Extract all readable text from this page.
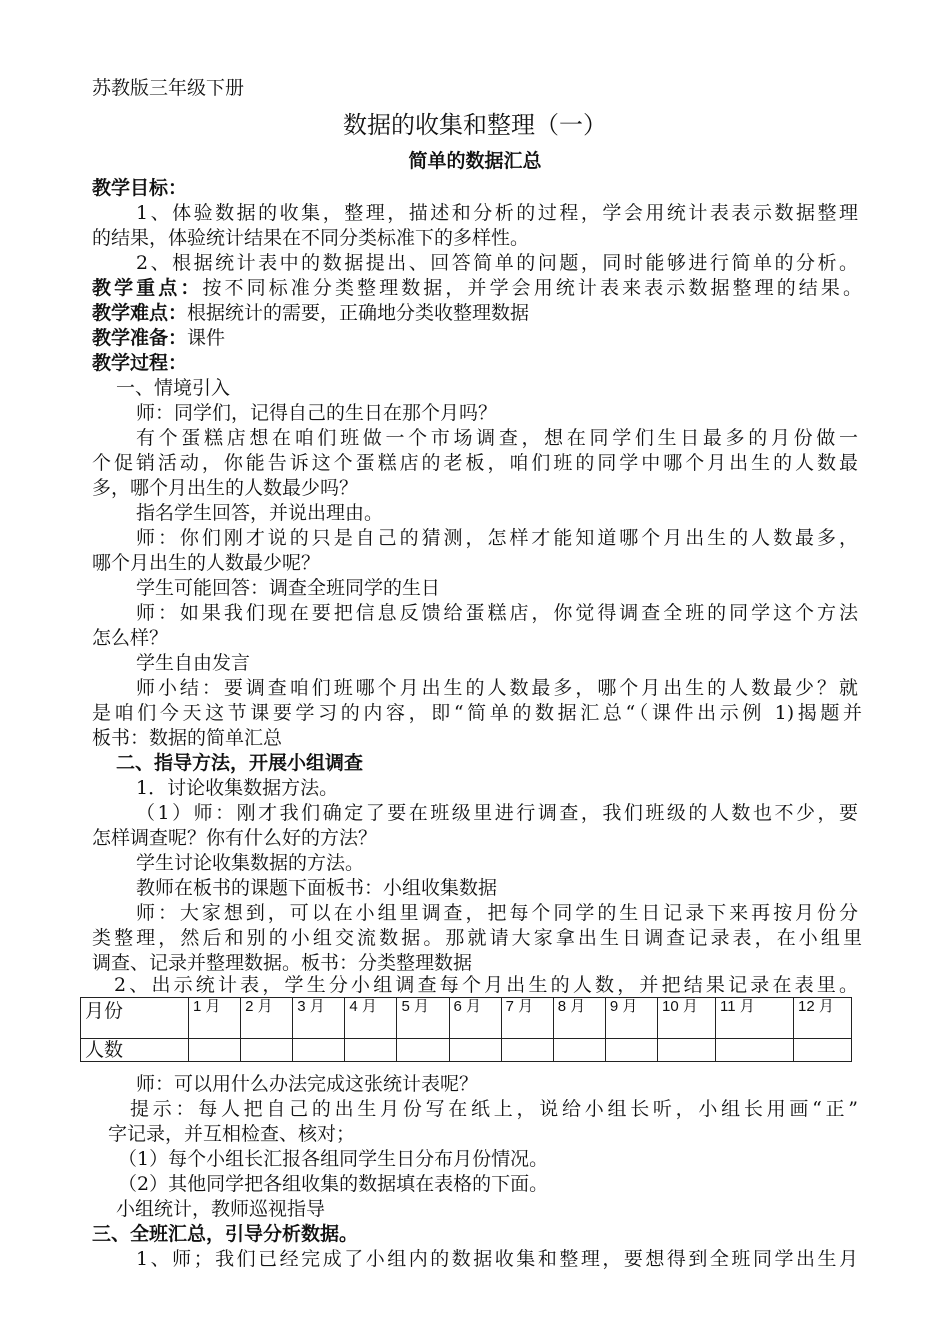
苏教版三年级下册
数据的收集和整理（一）
简单的数据汇总
教学目标：
1、体验数据的收集，整理，描述和分析的过程，学会用统计表表示数据整理
的结果，体验统计结果在不同分类标准下的多样性。
2、根据统计表中的数据提出、回答简单的问题，同时能够进行简单的分析。
教学重点：按不同标准分类整理数据，并学会用统计表来表示数据整理的结果。
教学难点：根据统计的需要，正确地分类收整理数据
教学准备：课件
教学过程：
一、情境引入
师：同学们，记得自己的生日在那个月吗？
有个蛋糕店想在咱们班做一个市场调查，想在同学们生日最多的月份做一
个促销活动，你能告诉这个蛋糕店的老板，咱们班的同学中哪个月出生的人数最
多，哪个月出生的人数最少吗？
指名学生回答，并说出理由。
师：你们刚才说的只是自己的猜测，怎样才能知道哪个月出生的人数最多，
哪个月出生的人数最少呢？
学生可能回答：调查全班同学的生日
师：如果我们现在要把信息反馈给蛋糕店，你觉得调查全班的同学这个方法
怎么样？
学生自由发言
师小结：要调查咱们班哪个月出生的人数最多，哪个月出生的人数最少？就
是咱们今天这节课要学习的内容，即“简单的数据汇总“（课件出示例 1)揭题并
板书：数据的简单汇总
二、指导方法，开展小组调查
1．讨论收集数据方法。
（1）师：刚才我们确定了要在班级里进行调查，我们班级的人数也不少，要
怎样调查呢？你有什么好的方法？
学生讨论收集数据的方法。
教师在板书的课题下面板书：小组收集数据
师：大家想到，可以在小组里调查，把每个同学的生日记录下来再按月份分
类整理，然后和别的小组交流数据。那就请大家拿出生日调查记录表，在小组里
调查、记录并整理数据。板书：分类整理数据
2、出示统计表，学生分小组调查每个月出生的人数，并把结果记录在表里。
月份	1 月	2 月	3 月	4 月	5 月	6 月	7 月	8 月	9 月	10 月	11 月	12 月
人数												
师：可以用什么办法完成这张统计表呢？
提示：每人把自己的出生月份写在纸上，说给小组长听，小组长用画“正”
字记录，并互相检查、核对；
（1）每个小组长汇报各组同学生日分布月份情况。
（2）其他同学把各组收集的数据填在表格的下面。
小组统计，教师巡视指导
三、全班汇总，引导分析数据。
1、师；我们已经完成了小组内的数据收集和整理，要想得到全班同学出生月
